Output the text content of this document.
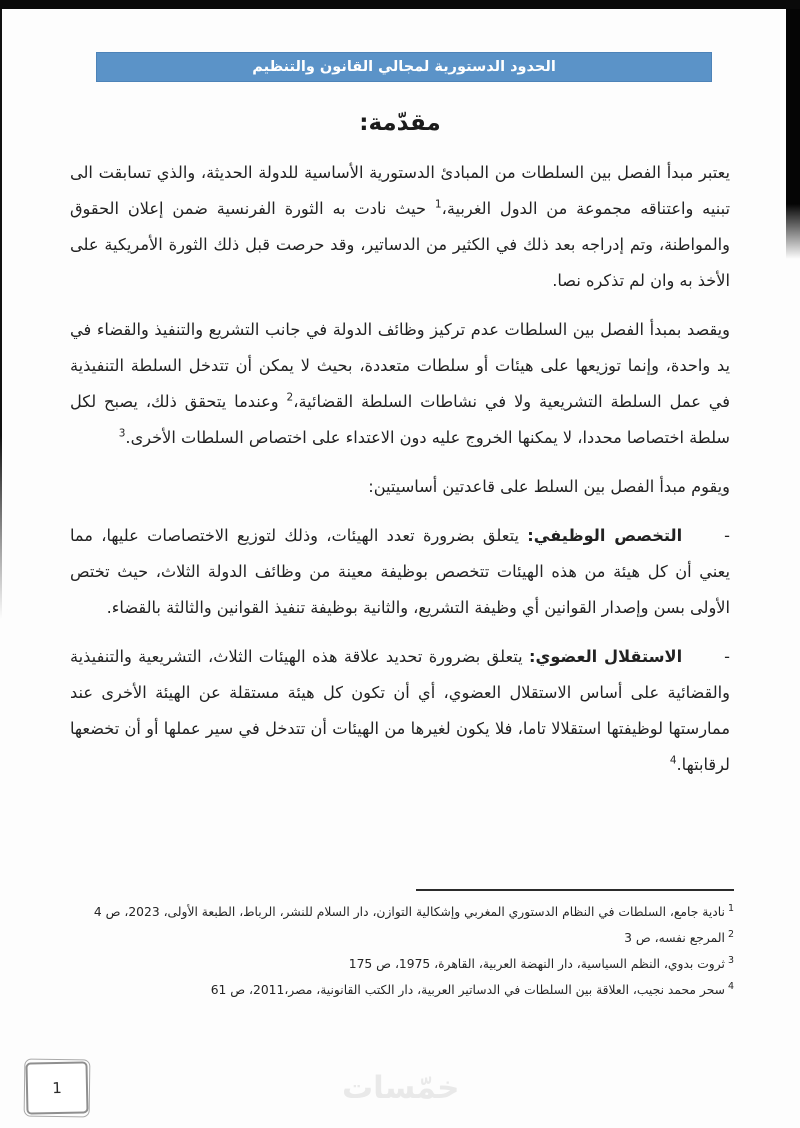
الحدود الدستورية لمجالي القانون والتنظيم
مقدّمة:
يعتبر مبدأ الفصل بين السلطات من المبادئ الدستورية الأساسية للدولة الحديثة، والذي تسابقت الى تبنيه واعتناقه مجموعة من الدول الغربية،$^1$ حيث نادت به الثورة الفرنسية ضمن إعلان الحقوق والمواطنة، وتم إدراجه بعد ذلك في الكثير من الدساتير، وقد حرصت قبل ذلك الثورة الأمريكية على الأخذ به وان لم تذكره نصا.
ويقصد بمبدأ الفصل بين السلطات عدم تركيز وظائف الدولة في جانب التشريع والتنفيذ والقضاء في يد واحدة، وإنما توزيعها على هيئات أو سلطات متعددة، بحيث لا يمكن أن تتدخل السلطة التنفيذية في عمل السلطة التشريعية ولا في نشاطات السلطة القضائية،$^2$ وعندما يتحقق ذلك، يصبح لكل سلطة اختصاصا محددا، لا يمكنها الخروج عليه دون الاعتداء على اختصاص السلطات الأخرى.$^3$
ويقوم مبدأ الفصل بين السلط على قاعدتين أساسيتين:
-التخصص الوظيفي: يتعلق بضرورة تعدد الهيئات، وذلك لتوزيع الاختصاصات عليها، مما يعني أن كل هيئة من هذه الهيئات تتخصص بوظيفة معينة من وظائف الدولة الثلاث، حيث تختص الأولى بسن وإصدار القوانين أي وظيفة التشريع، والثانية بوظيفة تنفيذ القوانين والثالثة بالقضاء.
-الاستقلال العضوي: يتعلق بضرورة تحديد علاقة هذه الهيئات الثلاث، التشريعية والتنفيذية والقضائية على أساس الاستقلال العضوي، أي أن تكون كل هيئة مستقلة عن الهيئة الأخرى عند ممارستها لوظيفتها استقلالا تاما، فلا يكون لغيرها من الهيئات أن تتدخل في سير عملها أو أن تخضعها لرقابتها.$^4$
$^1$نادية جامع، السلطات في النظام الدستوري المغربي وإشكالية التوازن، دار السلام للنشر، الرباط، الطبعة الأولى، 2023، ص 4
$^2$المرجع نفسه، ص 3
$^3$ثروت بدوي، النظم السياسية، دار النهضة العربية، القاهرة، 1975، ص 175
$^4$سحر محمد نجيب، العلاقة بين السلطات في الدساتير العربية، دار الكتب القانونية، مصر،2011، ص 61
1	خمّسات
